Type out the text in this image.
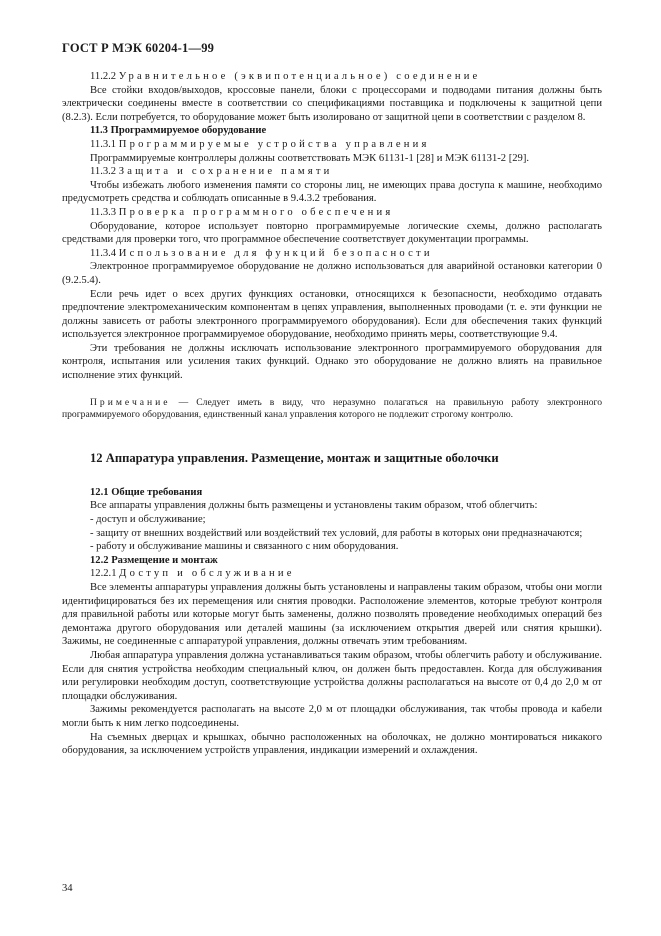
ГОСТ Р МЭК 60204-1—99

11.2.2 Уравнительное (эквипотенциальное) соединение

Все стойки входов/выходов, кроссовые панели, блоки с процессорами и подводами питания должны быть электрически соединены вместе в соответствии со спецификациями поставщика и подключены к защитной цепи (8.2.3). Если потребуется, то оборудование может быть изолировано от защитной цепи в соответствии с разделом 8.

11.3 Программируемое оборудование

11.3.1 Программируемые устройства управления

Программируемые контроллеры должны соответствовать МЭК 61131-1 [28] и МЭК 61131-2 [29].

11.3.2 Защита и сохранение памяти

Чтобы избежать любого изменения памяти со стороны лиц, не имеющих права доступа к машине, необходимо предусмотреть средства и соблюдать описанные в 9.4.3.2 требования.

11.3.3 Проверка программного обеспечения

Оборудование, которое использует повторно программируемые логические схемы, должно располагать средствами для проверки того, что программное обеспечение соответствует документации программы.

11.3.4 Использование для функций безопасности

Электронное программируемое оборудование не должно использоваться для аварийной остановки категории 0 (9.2.5.4).

Если речь идет о всех других функциях остановки, относящихся к безопасности, необходимо отдавать предпочтение электромеханическим компонентам в цепях управления, выполненных проводами (т. е. эти функции не должны зависеть от работы электронного программируемого оборудования). Если для обеспечения таких функций используется электронное программируемое оборудование, необходимо принять меры, соответствующие 9.4.

Эти требования не должны исключать использование электронного программируемого оборудования для контроля, испытания или усиления таких функций. Однако это оборудование не должно влиять на правильное исполнение этих функций.

Примечание — Следует иметь в виду, что неразумно полагаться на правильную работу электронного программируемого оборудования, единственный канал управления которого не подлежит строгому контролю.

12 Аппаратура управления. Размещение, монтаж и защитные оболочки

12.1 Общие требования

Все аппараты управления должны быть размещены и установлены таким образом, чтоб облегчить:

- доступ и обслуживание;

- защиту от внешних воздействий или воздействий тех условий, для работы в которых они предназначаются;

- работу и обслуживание машины и связанного с ним оборудования.

12.2 Размещение и монтаж

12.2.1 Доступ и обслуживание

Все элементы аппаратуры управления должны быть установлены и направлены таким образом, чтобы они могли идентифицироваться без их перемещения или снятия проводки. Расположение элементов, которые требуют контроля для правильной работы или которые могут быть заменены, должно позволять проведение необходимых операций без демонтажа другого оборудования или деталей машины (за исключением открытия дверей или снятия крышки). Зажимы, не соединенные с аппаратурой управления, должны отвечать этим требованиям.

Любая аппаратура управления должна устанавливаться таким образом, чтобы облегчить работу и обслуживание. Если для снятия устройства необходим специальный ключ, он должен быть предоставлен. Когда для обслуживания или регулировки необходим доступ, соответствующие устройства должны располагаться на высоте от 0,4 до 2,0 м от площадки обслуживания.

Зажимы рекомендуется располагать на высоте 2,0 м от площадки обслуживания, так чтобы провода и кабели могли быть к ним легко подсоединены.

На съемных дверцах и крышках, обычно расположенных на оболочках, не должно монтироваться никакого оборудования, за исключением устройств управления, индикации измерений и охлаждения.

34
